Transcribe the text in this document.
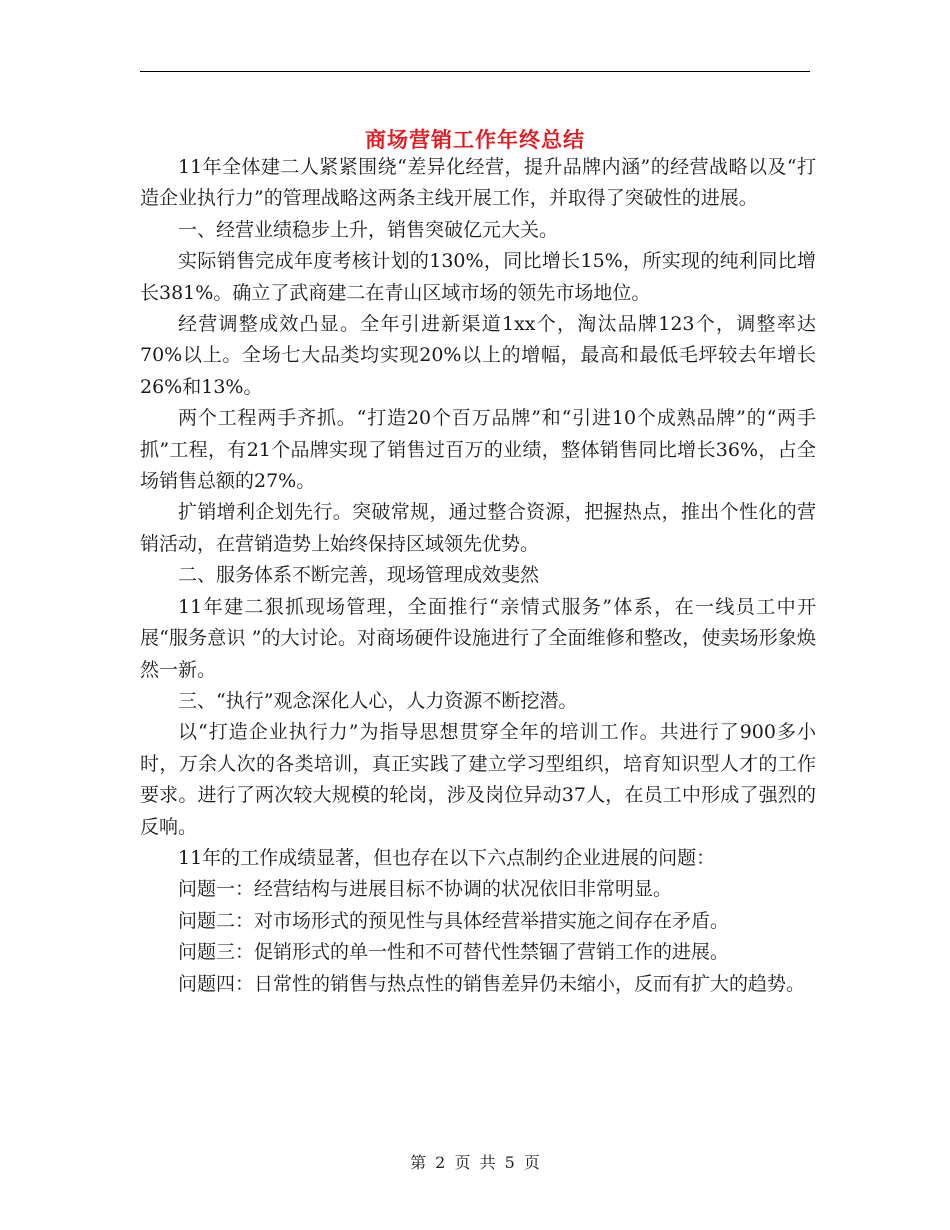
商场营销工作年终总结

11年全体建二人紧紧围绕“差异化经营，提升品牌内涵”的经营战略以及“打造企业执行力”的管理战略这两条主线开展工作，并取得了突破性的进展。

一、经营业绩稳步上升，销售突破亿元大关。

实际销售完成年度考核计划的130%，同比增长15%，所实现的纯利同比增长381%。确立了武商建二在青山区域市场的领先市场地位。

经营调整成效凸显。全年引进新渠道1xx个，淘汰品牌123个，调整率达70%以上。全场七大品类均实现20%以上的增幅，最高和最低毛坪较去年增长26%和13%。

两个工程两手齐抓。“打造20个百万品牌”和“引进10个成熟品牌”的“两手抓”工程，有21个品牌实现了销售过百万的业绩，整体销售同比增长36%，占全场销售总额的27%。

扩销增利企划先行。突破常规，通过整合资源，把握热点，推出个性化的营销活动，在营销造势上始终保持区域领先优势。

二、服务体系不断完善，现场管理成效斐然

11年建二狠抓现场管理，全面推行“亲情式服务”体系，在一线员工中开展“服务意识 ”的大讨论。对商场硬件设施进行了全面维修和整改，使卖场形象焕然一新。

三、“执行”观念深化人心，人力资源不断挖潜。

以“打造企业执行力”为指导思想贯穿全年的培训工作。共进行了900多小时，万余人次的各类培训，真正实践了建立学习型组织，培育知识型人才的工作要求。进行了两次较大规模的轮岗，涉及岗位异动37人，在员工中形成了强烈的反响。

11年的工作成绩显著，但也存在以下六点制约企业进展的问题：

问题一：经营结构与进展目标不协调的状况依旧非常明显。

问题二：对市场形式的预见性与具体经营举措实施之间存在矛盾。

问题三：促销形式的单一性和不可替代性禁锢了营销工作的进展。

问题四：日常性的销售与热点性的销售差异仍未缩小，反而有扩大的趋势。

第 2 页 共 5 页
